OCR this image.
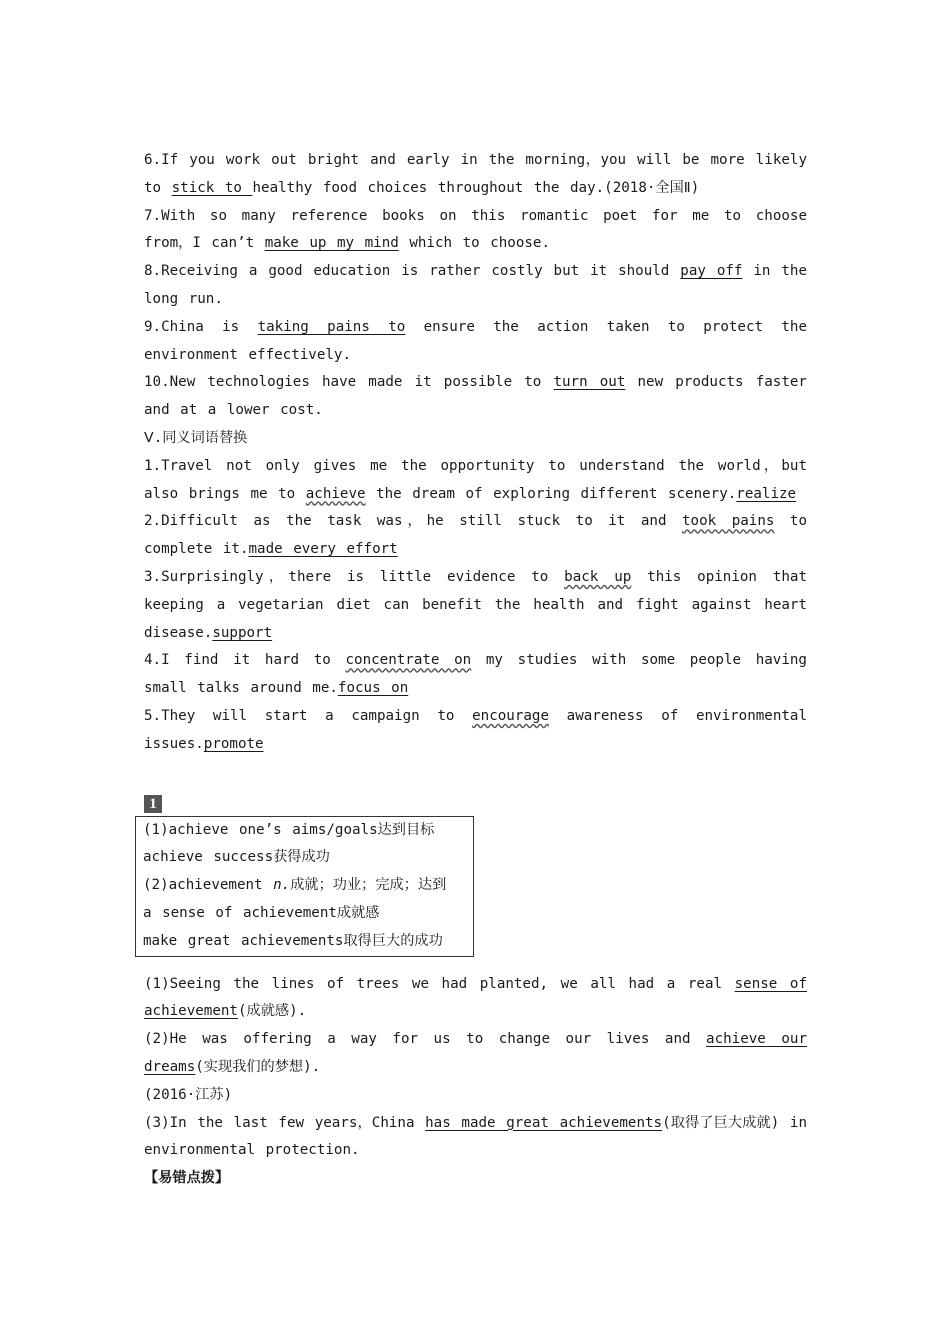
6.If you work out bright and early in the morning，you will be more likely to stick to healthy food choices throughout the day.(2018·全国Ⅱ)

7.With so many reference books on this romantic poet for me to choose from，I can’t make up my mind which to choose.

8.Receiving a good education is rather costly but it should pay off in the long run.

9.China is taking pains to ensure the action taken to protect the environment effectively.

10.New technologies have made it possible to turn out new products faster and at a lower cost.

Ⅴ.同义词语替换

1.Travel not only gives me the opportunity to understand the world，but also brings me to achieve the dream of exploring different scenery.realize

2.Difficult as the task was，he still stuck to it and took pains to complete it.made every effort

3.Surprisingly，there is little evidence to back up this opinion that keeping a vegetarian diet can benefit the health and fight against heart disease.support

4.I find it hard to concentrate on my studies with some people having small talks around me.focus on

5.They will start a campaign to encourage awareness of environmental issues.promote

1

(1)achieve one’s aims/goals达到目标

achieve success获得成功

(2)achievement n.成就；功业；完成；达到

a sense of achievement成就感

make great achievements取得巨大的成功

(1)Seeing the lines of trees we had planted, we all had a real sense of achievement(成就感).

(2)He was offering a way for us to change our lives and achieve our dreams(实现我们的梦想).

(2016·江苏)

(3)In the last few years，China has made great achievements(取得了巨大成就) in environmental protection.

【易错点拨】
